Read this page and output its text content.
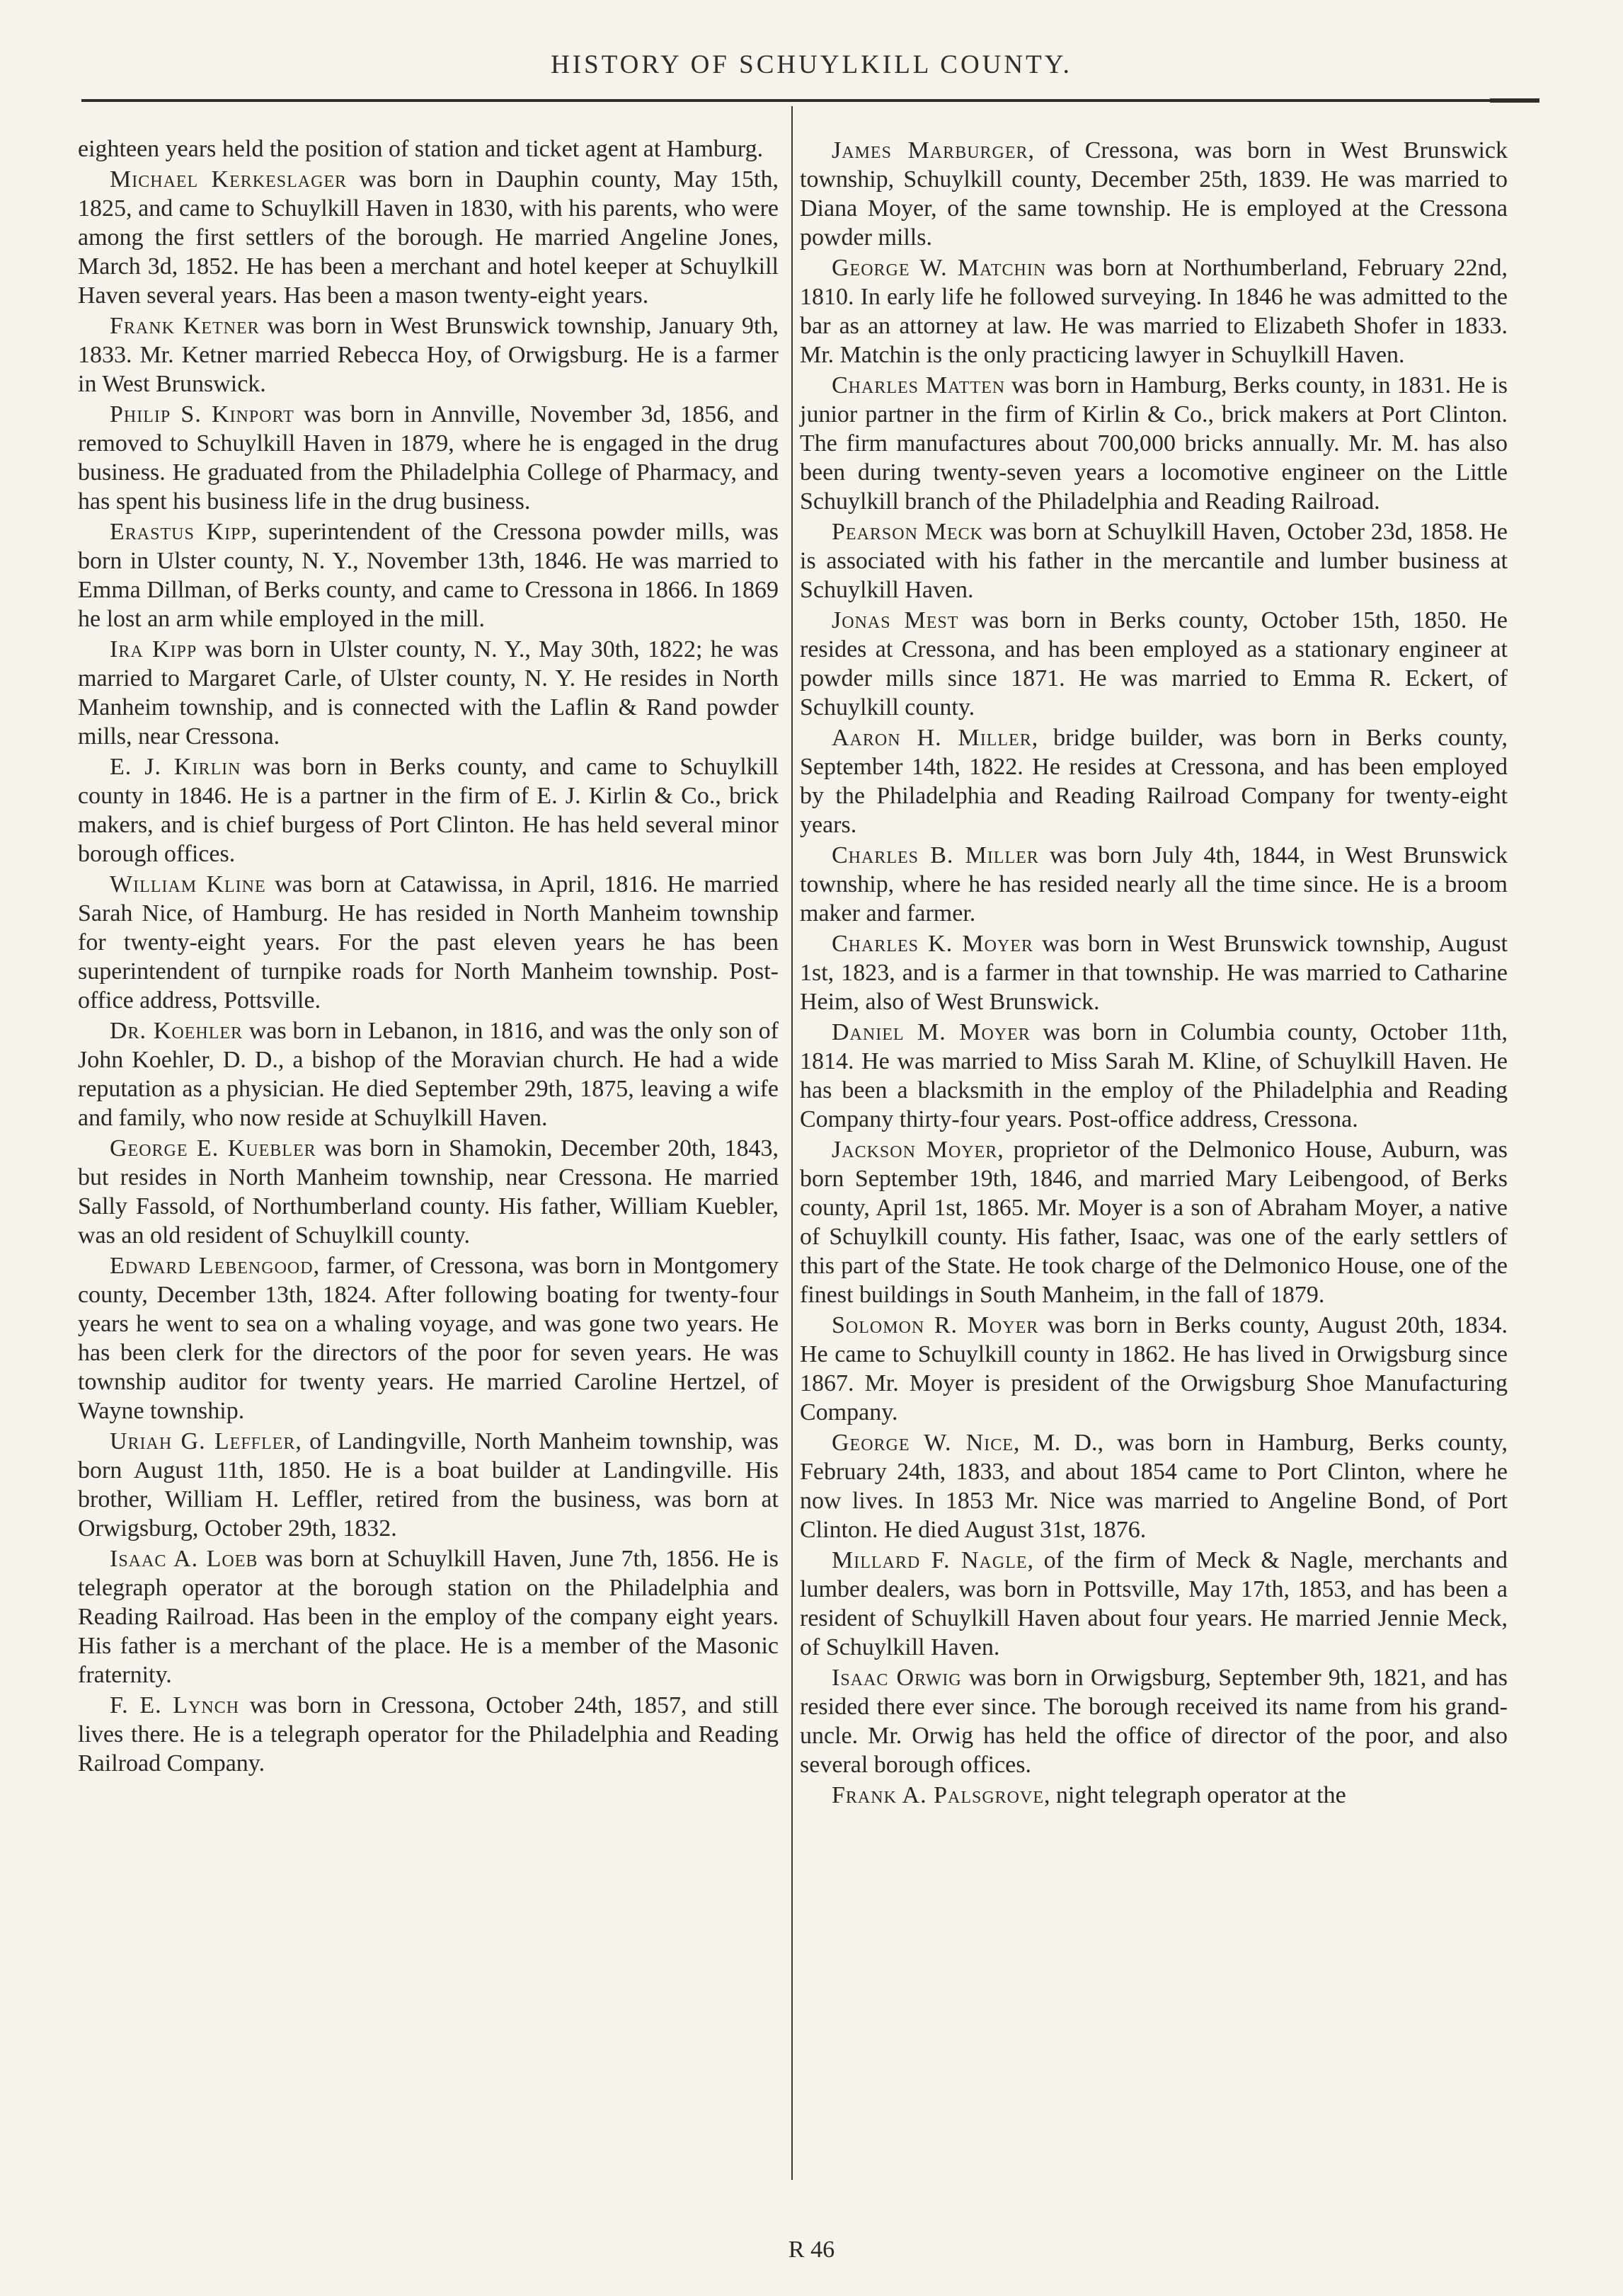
HISTORY OF SCHUYLKILL COUNTY.

eighteen years held the position of station and ticket agent at Hamburg.

Michael Kerkeslager was born in Dauphin county, May 15th, 1825, and came to Schuylkill Haven in 1830, with his parents, who were among the first settlers of the borough. He married Angeline Jones, March 3d, 1852. He has been a merchant and hotel keeper at Schuylkill Haven several years. Has been a mason twenty-eight years.

Frank Ketner was born in West Brunswick township, January 9th, 1833. Mr. Ketner married Rebecca Hoy, of Orwigsburg. He is a farmer in West Brunswick.

Philip S. Kinport was born in Annville, November 3d, 1856, and removed to Schuylkill Haven in 1879, where he is engaged in the drug business. He graduated from the Philadelphia College of Pharmacy, and has spent his business life in the drug business.

Erastus Kipp, superintendent of the Cressona powder mills, was born in Ulster county, N. Y., November 13th, 1846. He was married to Emma Dillman, of Berks county, and came to Cressona in 1866. In 1869 he lost an arm while employed in the mill.

Ira Kipp was born in Ulster county, N. Y., May 30th, 1822; he was married to Margaret Carle, of Ulster county, N. Y. He resides in North Manheim township, and is connected with the Laflin & Rand powder mills, near Cressona.

E. J. Kirlin was born in Berks county, and came to Schuylkill county in 1846. He is a partner in the firm of E. J. Kirlin & Co., brick makers, and is chief burgess of Port Clinton. He has held several minor borough offices.

William Kline was born at Catawissa, in April, 1816. He married Sarah Nice, of Hamburg. He has resided in North Manheim township for twenty-eight years. For the past eleven years he has been superintendent of turnpike roads for North Manheim township. Post-office address, Pottsville.

Dr. Koehler was born in Lebanon, in 1816, and was the only son of John Koehler, D. D., a bishop of the Moravian church. He had a wide reputation as a physician. He died September 29th, 1875, leaving a wife and family, who now reside at Schuylkill Haven.

George E. Kuebler was born in Shamokin, December 20th, 1843, but resides in North Manheim township, near Cressona. He married Sally Fassold, of Northumberland county. His father, William Kuebler, was an old resident of Schuylkill county.

Edward Lebengood, farmer, of Cressona, was born in Montgomery county, December 13th, 1824. After following boating for twenty-four years he went to sea on a whaling voyage, and was gone two years. He has been clerk for the directors of the poor for seven years. He was township auditor for twenty years. He married Caroline Hertzel, of Wayne township.

Uriah G. Leffler, of Landingville, North Manheim township, was born August 11th, 1850. He is a boat builder at Landingville. His brother, William H. Leffler, retired from the business, was born at Orwigsburg, October 29th, 1832.

Isaac A. Loeb was born at Schuylkill Haven, June 7th, 1856. He is telegraph operator at the borough station on the Philadelphia and Reading Railroad. Has been in the employ of the company eight years. His father is a merchant of the place. He is a member of the Masonic fraternity.

F. E. Lynch was born in Cressona, October 24th, 1857, and still lives there. He is a telegraph operator for the Philadelphia and Reading Railroad Company.

James Marburger, of Cressona, was born in West Brunswick township, Schuylkill county, December 25th, 1839. He was married to Diana Moyer, of the same township. He is employed at the Cressona powder mills.

George W. Matchin was born at Northumberland, February 22nd, 1810. In early life he followed surveying. In 1846 he was admitted to the bar as an attorney at law. He was married to Elizabeth Shofer in 1833. Mr. Matchin is the only practicing lawyer in Schuylkill Haven.

Charles Matten was born in Hamburg, Berks county, in 1831. He is junior partner in the firm of Kirlin & Co., brick makers at Port Clinton. The firm manufactures about 700,000 bricks annually. Mr. M. has also been during twenty-seven years a locomotive engineer on the Little Schuylkill branch of the Philadelphia and Reading Railroad.

Pearson Meck was born at Schuylkill Haven, October 23d, 1858. He is associated with his father in the mercantile and lumber business at Schuylkill Haven.

Jonas Mest was born in Berks county, October 15th, 1850. He resides at Cressona, and has been employed as a stationary engineer at powder mills since 1871. He was married to Emma R. Eckert, of Schuylkill county.

Aaron H. Miller, bridge builder, was born in Berks county, September 14th, 1822. He resides at Cressona, and has been employed by the Philadelphia and Reading Railroad Company for twenty-eight years.

Charles B. Miller was born July 4th, 1844, in West Brunswick township, where he has resided nearly all the time since. He is a broom maker and farmer.

Charles K. Moyer was born in West Brunswick township, August 1st, 1823, and is a farmer in that township. He was married to Catharine Heim, also of West Brunswick.

Daniel M. Moyer was born in Columbia county, October 11th, 1814. He was married to Miss Sarah M. Kline, of Schuylkill Haven. He has been a blacksmith in the employ of the Philadelphia and Reading Company thirty-four years. Post-office address, Cressona.

Jackson Moyer, proprietor of the Delmonico House, Auburn, was born September 19th, 1846, and married Mary Leibengood, of Berks county, April 1st, 1865. Mr. Moyer is a son of Abraham Moyer, a native of Schuylkill county. His father, Isaac, was one of the early settlers of this part of the State. He took charge of the Delmonico House, one of the finest buildings in South Manheim, in the fall of 1879.

Solomon R. Moyer was born in Berks county, August 20th, 1834. He came to Schuylkill county in 1862. He has lived in Orwigsburg since 1867. Mr. Moyer is president of the Orwigsburg Shoe Manufacturing Company.

George W. Nice, M. D., was born in Hamburg, Berks county, February 24th, 1833, and about 1854 came to Port Clinton, where he now lives. In 1853 Mr. Nice was married to Angeline Bond, of Port Clinton. He died August 31st, 1876.

Millard F. Nagle, of the firm of Meck & Nagle, merchants and lumber dealers, was born in Pottsville, May 17th, 1853, and has been a resident of Schuylkill Haven about four years. He married Jennie Meck, of Schuylkill Haven.

Isaac Orwig was born in Orwigsburg, September 9th, 1821, and has resided there ever since. The borough received its name from his grand-uncle. Mr. Orwig has held the office of director of the poor, and also several borough offices.

Frank A. Palsgrove, night telegraph operator at the

R 46
